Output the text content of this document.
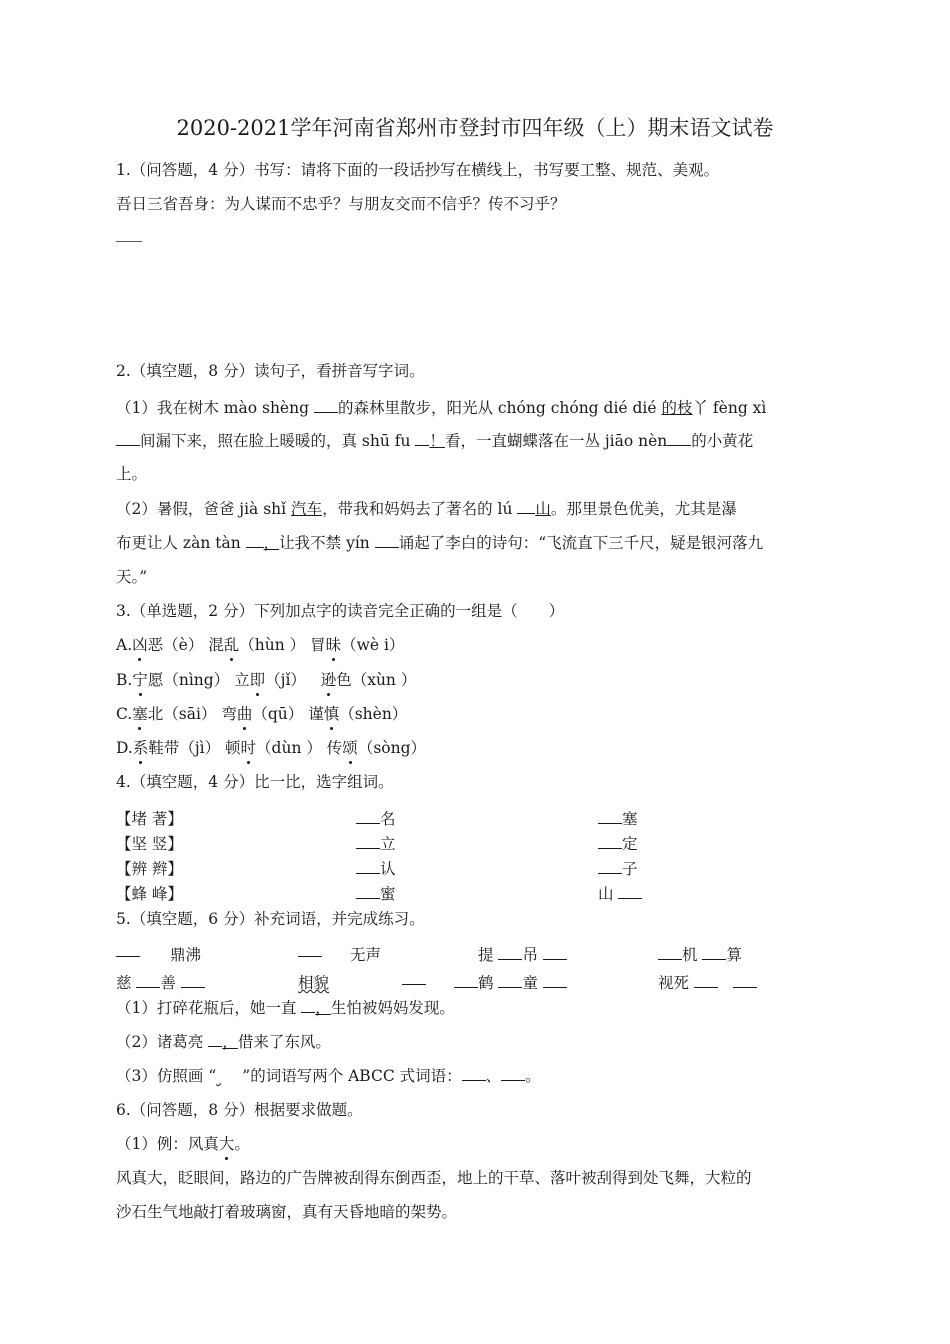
2020-2021学年河南省郑州市登封市四年级（上）期末语文试卷
1.（问答题，4 分）书写：请将下面的一段话抄写在横线上，书写要工整、规范、美观。
吾日三省吾身：为人谋而不忠乎？与朋友交而不信乎？传不习乎？
2.（填空题，8 分）读句子，看拼音写字词。
（1）我在树木 mào shèng 的森林里散步，阳光从 chóng chóng dié dié 的枝丫 fèng xì
间漏下来，照在脸上暖暖的，真 shū fu ！看，一直蝴蝶落在一丛 jiāo nèn 的小黄花
上。
（2）暑假，爸爸 jià shǐ 汽车，带我和妈妈去了著名的 lú 山。那里景色优美，尤其是瀑
布更让人 zàn tàn ，让我不禁 yín 诵起了李白的诗句：“飞流直下三千尺，疑是银河落九
天。”
3.（单选题，2 分）下列加点字的读音完全正确的一组是（　　）
A.凶恶（è） 混乱（hùn ） 冒昧（wè i）
B.宁愿（nìng） 立即（jǐ）   逊色（xùn ）
C.塞北（sāi） 弯曲（qū） 谨慎（shèn）
D.系鞋带（jì） 顿时（dùn ） 传颂（sòng）
4.（填空题，4 分）比一比，选字组词。
【堵 著】	名	塞
【坚 竖】	立	定
【辨 辫】	认	子
【蜂 峰】	蜜	山
5.（填空题，6 分）补充词语，并完成练习。
鼎沸	无声	提 吊	机 算
慈 善	相貌	鹤 童	视死
（1）打碎花瓶后，她一直 ，生怕被妈妈发现。
（2）诸葛亮 ，借来了东风。
（3）仿照画 “ ”的词语写两个 ABCC 式词语： 、 。
6.（问答题，8 分）根据要求做题。
（1）例：风真大。
风真大，眨眼间，路边的广告牌被刮得东倒西歪，地上的干草、落叶被刮得到处飞舞，大粒的
沙石生气地敲打着玻璃窗，真有天昏地暗的架势。
